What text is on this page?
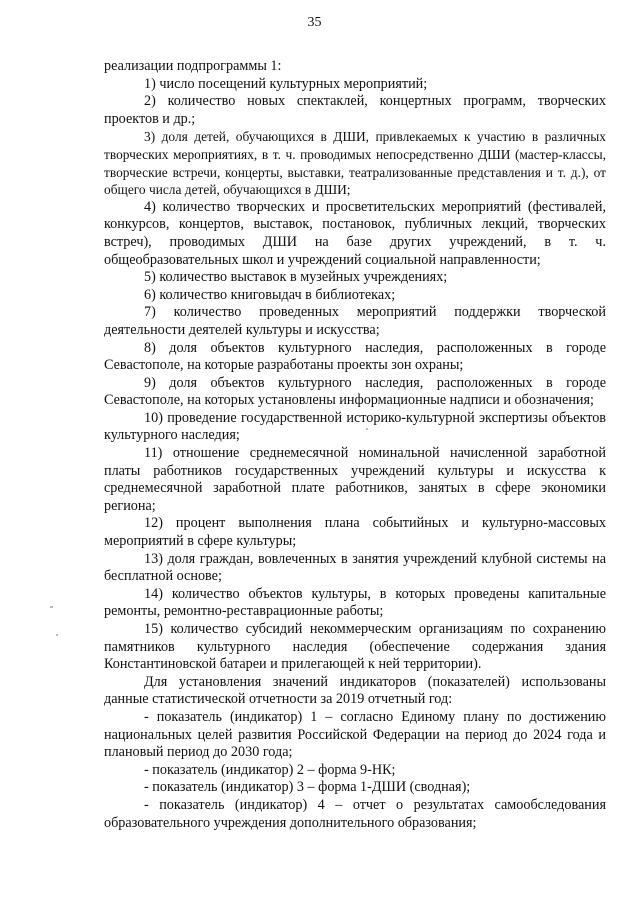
35

реализации подпрограммы 1:

1) число посещений культурных мероприятий;

2) количество новых спектаклей, концертных программ, творческих проектов и др.;

3) доля детей, обучающихся в ДШИ, привлекаемых к участию в различных творческих мероприятиях, в т. ч. проводимых непосредственно ДШИ (мастер-классы, творческие встречи, концерты, выставки, театрализованные представления и т. д.), от общего числа детей, обучающихся в ДШИ;

4) количество творческих и просветительских мероприятий (фестивалей, конкурсов, концертов, выставок, постановок, публичных лекций, творческих встреч), проводимых ДШИ на базе других учреждений, в т. ч. общеобразовательных школ и учреждений социальной направленности;

5) количество выставок в музейных учреждениях;

6) количество книговыдач в библиотеках;

7) количество проведенных мероприятий поддержки творческой деятельности деятелей культуры и искусства;

8) доля объектов культурного наследия, расположенных в городе Севастополе, на которые разработаны проекты зон охраны;

9) доля объектов культурного наследия, расположенных в городе Севастополе, на которых установлены информационные надписи и обозначения;

10) проведение государственной историко-культурной экспертизы объектов культурного наследия;

11) отношение среднемесячной номинальной начисленной заработной платы работников государственных учреждений культуры и искусства к среднемесячной заработной плате работников, занятых в сфере экономики региона;

12) процент выполнения плана событийных и культурно-массовых мероприятий в сфере культуры;

13) доля граждан, вовлеченных в занятия учреждений клубной системы на бесплатной основе;

14) количество объектов культуры, в которых проведены капитальные ремонты, ремонтно-реставрационные работы;

15) количество субсидий некоммерческим организациям по сохранению памятников культурного наследия (обеспечение содержания здания Константиновской батареи и прилегающей к ней территории).

Для установления значений индикаторов (показателей) использованы данные статистической отчетности за 2019 отчетный год:

- показатель (индикатор) 1 – согласно Единому плану по достижению национальных целей развития Российской Федерации на период до 2024 года и плановый период до 2030 года;

- показатель (индикатор) 2 – форма 9-НК;

- показатель (индикатор) 3 – форма 1-ДШИ (сводная);

- показатель (индикатор) 4 – отчет о результатах самообследования образовательного учреждения дополнительного образования;
